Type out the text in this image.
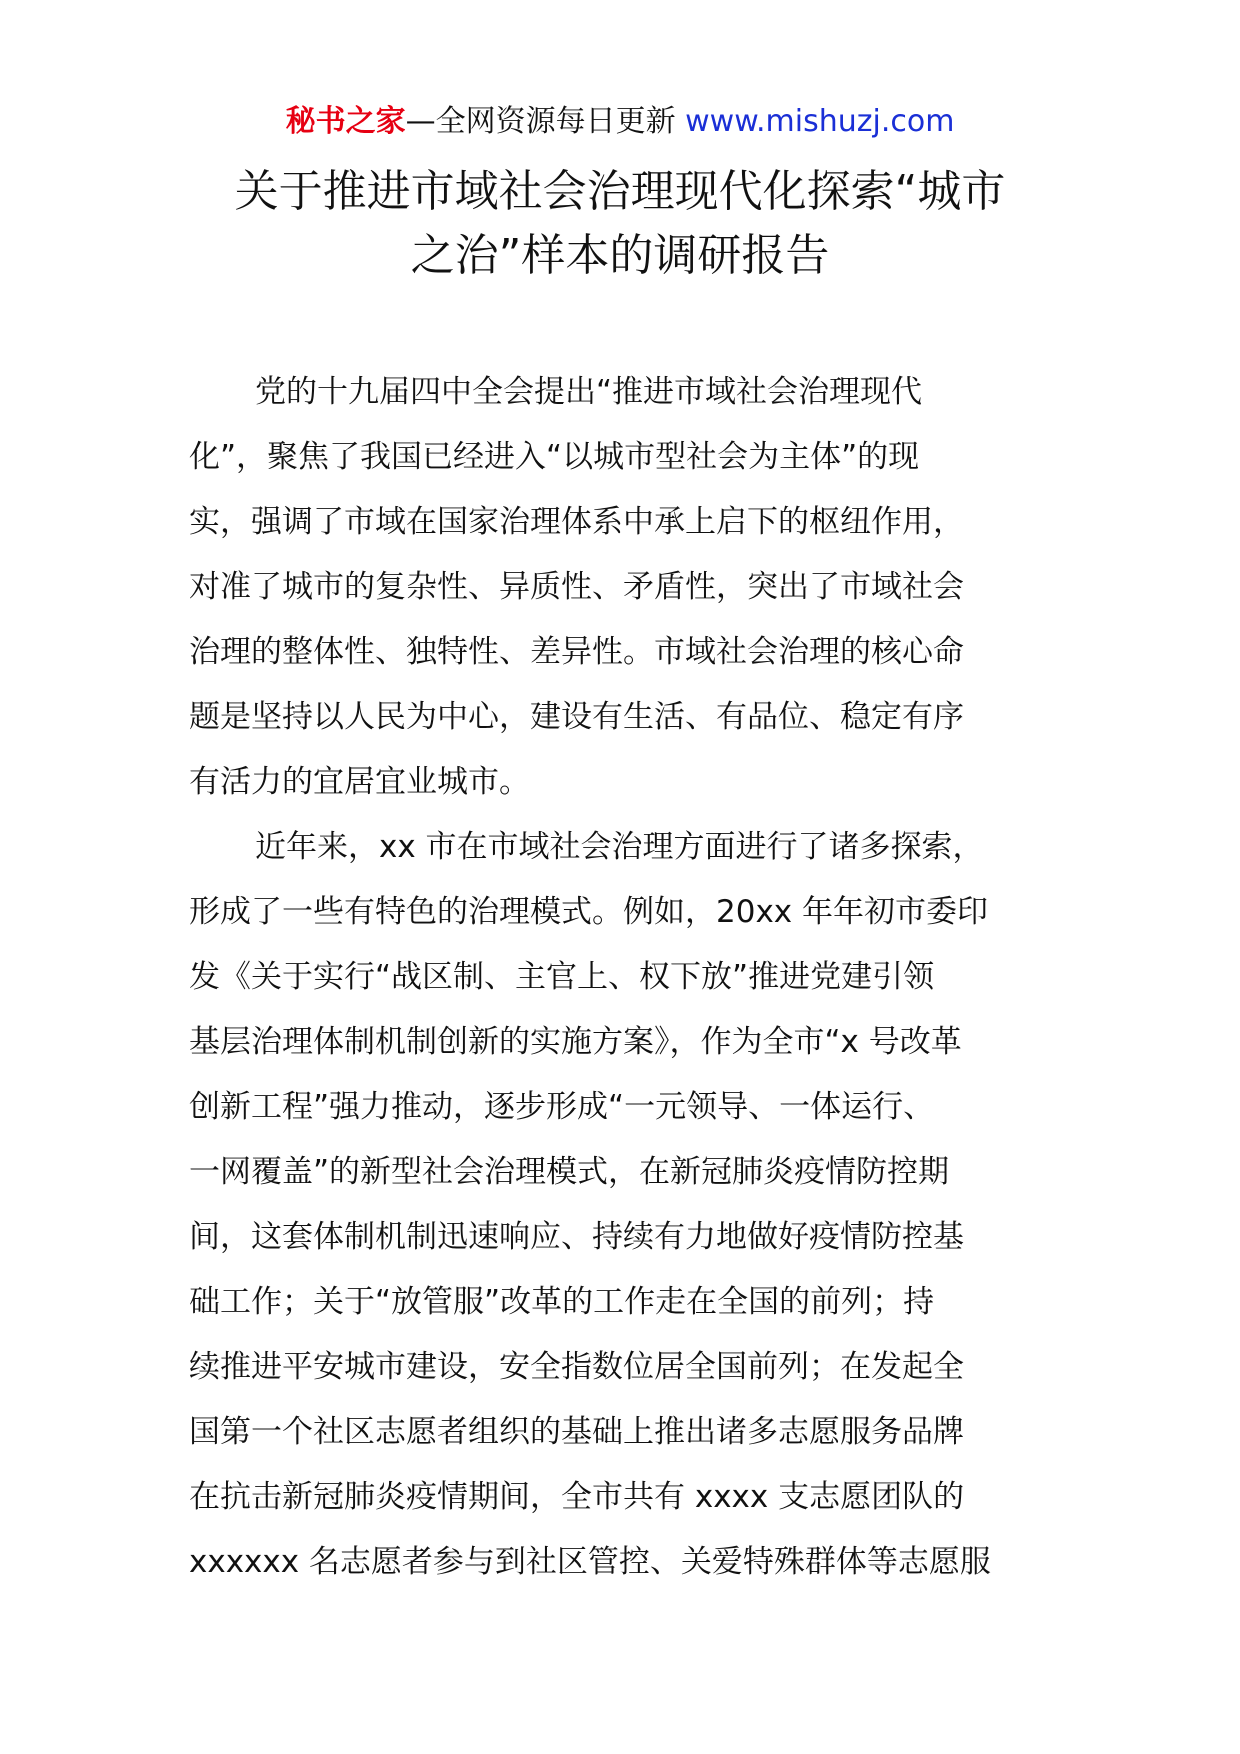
秘书之家—全网资源每日更新 www.mishuzj.com
关于推进市域社会治理现代化探索“城市
之治”样本的调研报告
党的十九届四中全会提出“推进市域社会治理现代
化”，聚焦了我国已经进入“以城市型社会为主体”的现
实，强调了市域在国家治理体系中承上启下的枢纽作用，
对准了城市的复杂性、异质性、矛盾性，突出了市域社会
治理的整体性、独特性、差异性。市域社会治理的核心命
题是坚持以人民为中心，建设有生活、有品位、稳定有序
有活力的宜居宜业城市。
近年来，xx 市在市域社会治理方面进行了诸多探索，
形成了一些有特色的治理模式。例如，20xx 年年初市委印
发《关于实行“战区制、主官上、权下放”推进党建引领
基层治理体制机制创新的实施方案》，作为全市“x 号改革
创新工程”强力推动，逐步形成“一元领导、一体运行、
一网覆盖”的新型社会治理模式，在新冠肺炎疫情防控期
间，这套体制机制迅速响应、持续有力地做好疫情防控基
础工作；关于“放管服”改革的工作走在全国的前列；持
续推进平安城市建设，安全指数位居全国前列；在发起全
国第一个社区志愿者组织的基础上推出诸多志愿服务品牌
在抗击新冠肺炎疫情期间，全市共有 xxxx 支志愿团队的
xxxxxx 名志愿者参与到社区管控、关爱特殊群体等志愿服
